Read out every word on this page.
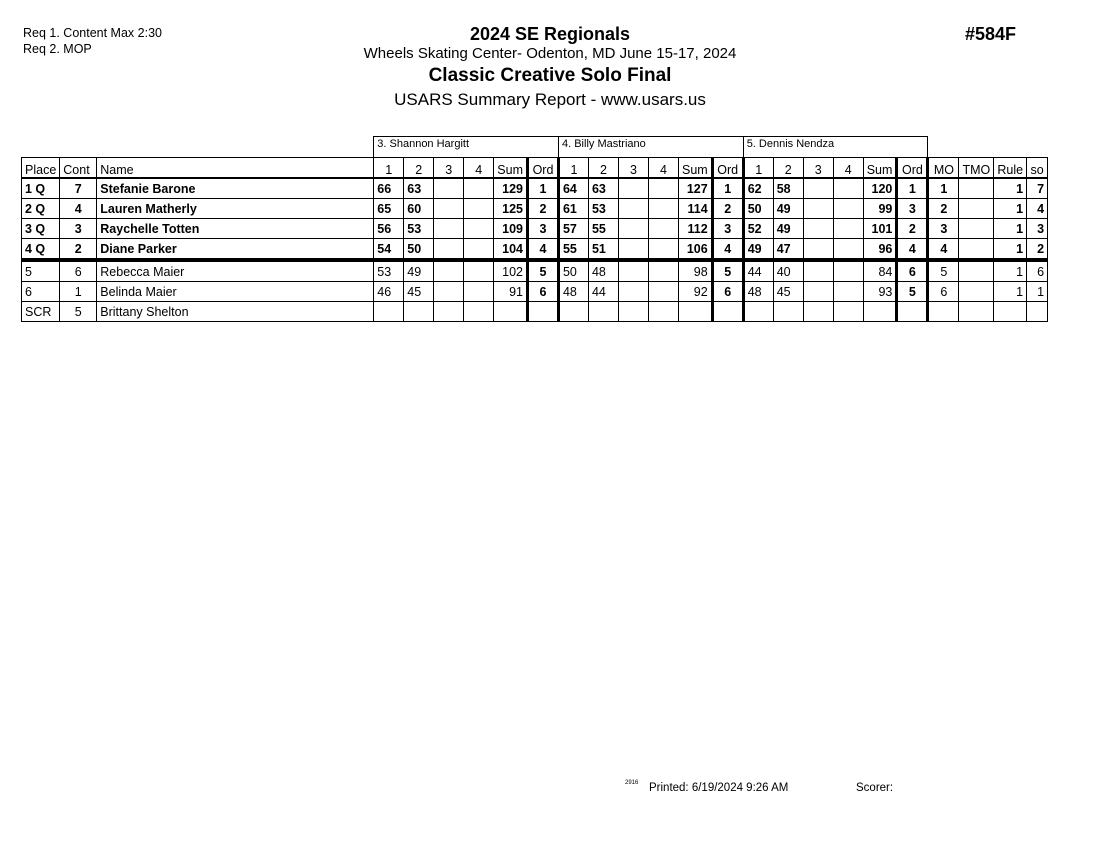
Req 1. Content Max 2:30
Req 2. MOP
2024 SE Regionals
Wheels Skating Center- Odenton, MD June 15-17, 2024
Classic Creative Solo Final
USARS Summary Report - www.usars.us
#584F
			3. Shannon Hargitt						4. Billy Mastriano						5. Dennis Nendza									
Place	Cont	Name	1	2	3	4	Sum	Ord	1	2	3	4	Sum	Ord	1	2	3	4	Sum	Ord	MO	TMO	Rule	so
1 Q	7	Stefanie Barone	66	63			129	1	64	63			127	1	62	58			120	1	1		1	7
2 Q	4	Lauren Matherly	65	60			125	2	61	53			114	2	50	49			99	3	2		1	4
3 Q	3	Raychelle Totten	56	53			109	3	57	55			112	3	52	49			101	2	3		1	3
4 Q	2	Diane Parker	54	50			104	4	55	51			106	4	49	47			96	4	4		1	2
5	6	Rebecca Maier	53	49			102	5	50	48			98	5	44	40			84	6	5		1	6
6	1	Belinda Maier	46	45			91	6	48	44			92	6	48	45			93	5	6		1	1
SCR	5	Brittany Shelton																						
2916 Printed: 6/19/2024 9:26 AM	Scorer:
